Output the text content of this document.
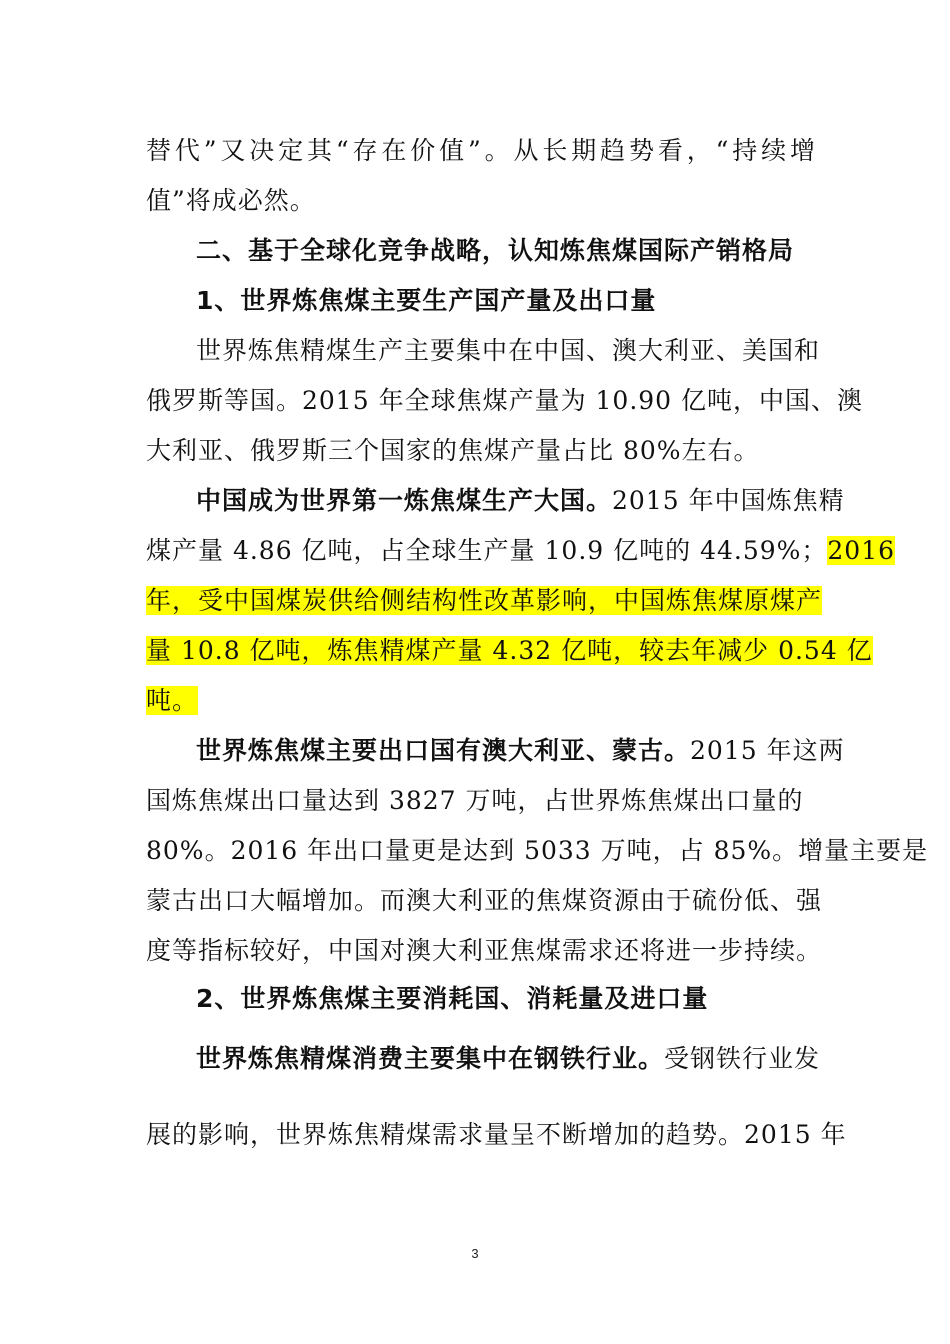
替代”又决定其“存在价值”。从长期趋势看，“持续增
值”将成必然。
二、基于全球化竞争战略，认知炼焦煤国际产销格局
1、世界炼焦煤主要生产国产量及出口量
世界炼焦精煤生产主要集中在中国、澳大利亚、美国和
俄罗斯等国。2015 年全球焦煤产量为 10.90 亿吨，中国、澳
大利亚、俄罗斯三个国家的焦煤产量占比 80%左右。
中国成为世界第一炼焦煤生产大国。2015 年中国炼焦精
煤产量 4.86 亿吨，占全球生产量 10.9 亿吨的 44.59%；2016
年，受中国煤炭供给侧结构性改革影响，中国炼焦煤原煤产
量 10.8 亿吨，炼焦精煤产量 4.32 亿吨，较去年减少 0.54 亿
吨。
世界炼焦煤主要出口国有澳大利亚、蒙古。2015 年这两
国炼焦煤出口量达到 3827 万吨，占世界炼焦煤出口量的
80%。2016 年出口量更是达到 5033 万吨，占 85%。增量主要是
蒙古出口大幅增加。而澳大利亚的焦煤资源由于硫份低、强
度等指标较好，中国对澳大利亚焦煤需求还将进一步持续。
2、世界炼焦煤主要消耗国、消耗量及进口量
世界炼焦精煤消费主要集中在钢铁行业。受钢铁行业发
展的影响，世界炼焦精煤需求量呈不断增加的趋势。2015 年
3
